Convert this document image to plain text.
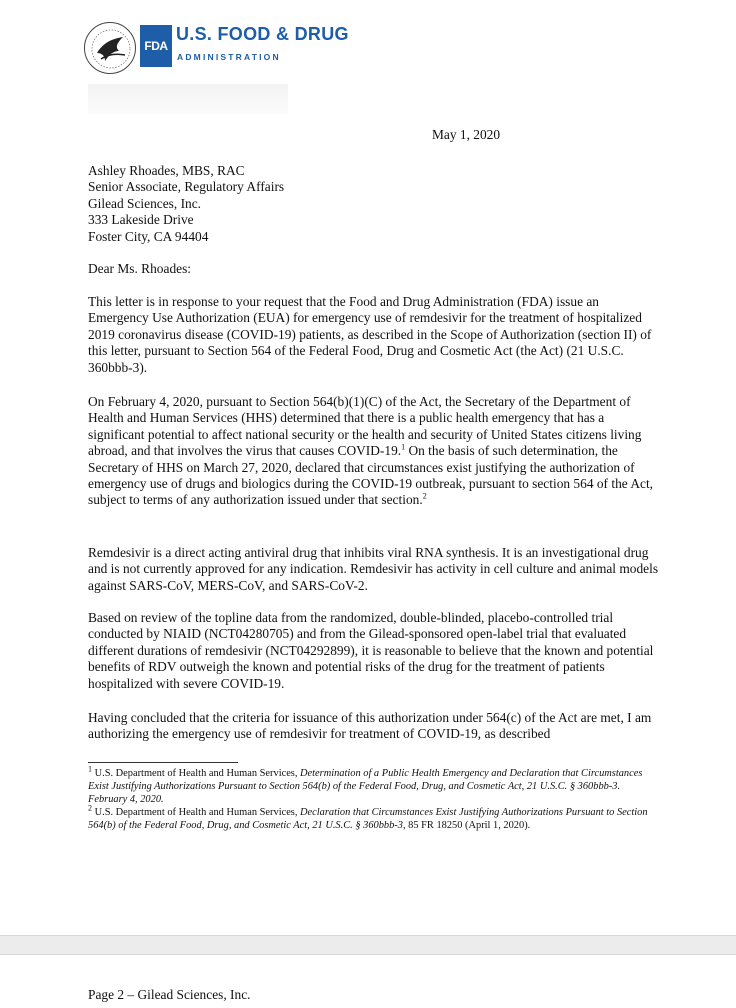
FDA
U.S. FOOD & DRUG
ADMINISTRATION
May 1, 2020
Ashley Rhoades, MBS, RAC
Senior Associate, Regulatory Affairs
Gilead Sciences, Inc.
333 Lakeside Drive
Foster City, CA 94404
Dear Ms. Rhoades:

This letter is in response to your request that the Food and Drug Administration (FDA) issue an Emergency Use Authorization (EUA) for emergency use of remdesivir for the treatment of hospitalized 2019 coronavirus disease (COVID-19) patients, as described in the Scope of Authorization (section II) of this letter, pursuant to Section 564 of the Federal Food, Drug and Cosmetic Act (the Act) (21 U.S.C. 360bbb-3).

On February 4, 2020, pursuant to Section 564(b)(1)(C) of the Act, the Secretary of the Department of Health and Human Services (HHS) determined that there is a public health emergency that has a significant potential to affect national security or the health and security of United States citizens living abroad, and that involves the virus that causes COVID-19.$^1$ On the basis of such determination, the Secretary of HHS on March 27, 2020, declared that circumstances exist justifying the authorization of emergency use of drugs and biologics during the COVID-19 outbreak, pursuant to section 564 of the Act, subject to terms of any authorization issued under that section.$^2$

Remdesivir is a direct acting antiviral drug that inhibits viral RNA synthesis. It is an investigational drug and is not currently approved for any indication. Remdesivir has activity in cell culture and animal models against SARS-CoV, MERS-CoV, and SARS-CoV-2.

Based on review of the topline data from the randomized, double-blinded, placebo-controlled trial conducted by NIAID (NCT04280705) and from the Gilead-sponsored open-label trial that evaluated different durations of remdesivir (NCT04292899), it is reasonable to believe that the known and potential benefits of RDV outweigh the known and potential risks of the drug for the treatment of patients hospitalized with severe COVID-19.

Having concluded that the criteria for issuance of this authorization under 564(c) of the Act are met, I am authorizing the emergency use of remdesivir for treatment of COVID-19, as described

$^1$ U.S. Department of Health and Human Services, Determination of a Public Health Emergency and Declaration that Circumstances Exist Justifying Authorizations Pursuant to Section 564(b) of the Federal Food, Drug, and Cosmetic Act, 21 U.S.C. § 360bbb-3. February 4, 2020.

$^2$ U.S. Department of Health and Human Services, Declaration that Circumstances Exist Justifying Authorizations Pursuant to Section 564(b) of the Federal Food, Drug, and Cosmetic Act, 21 U.S.C. § 360bbb-3, 85 FR 18250 (April 1, 2020).

Page 2 – Gilead Sciences, Inc.
